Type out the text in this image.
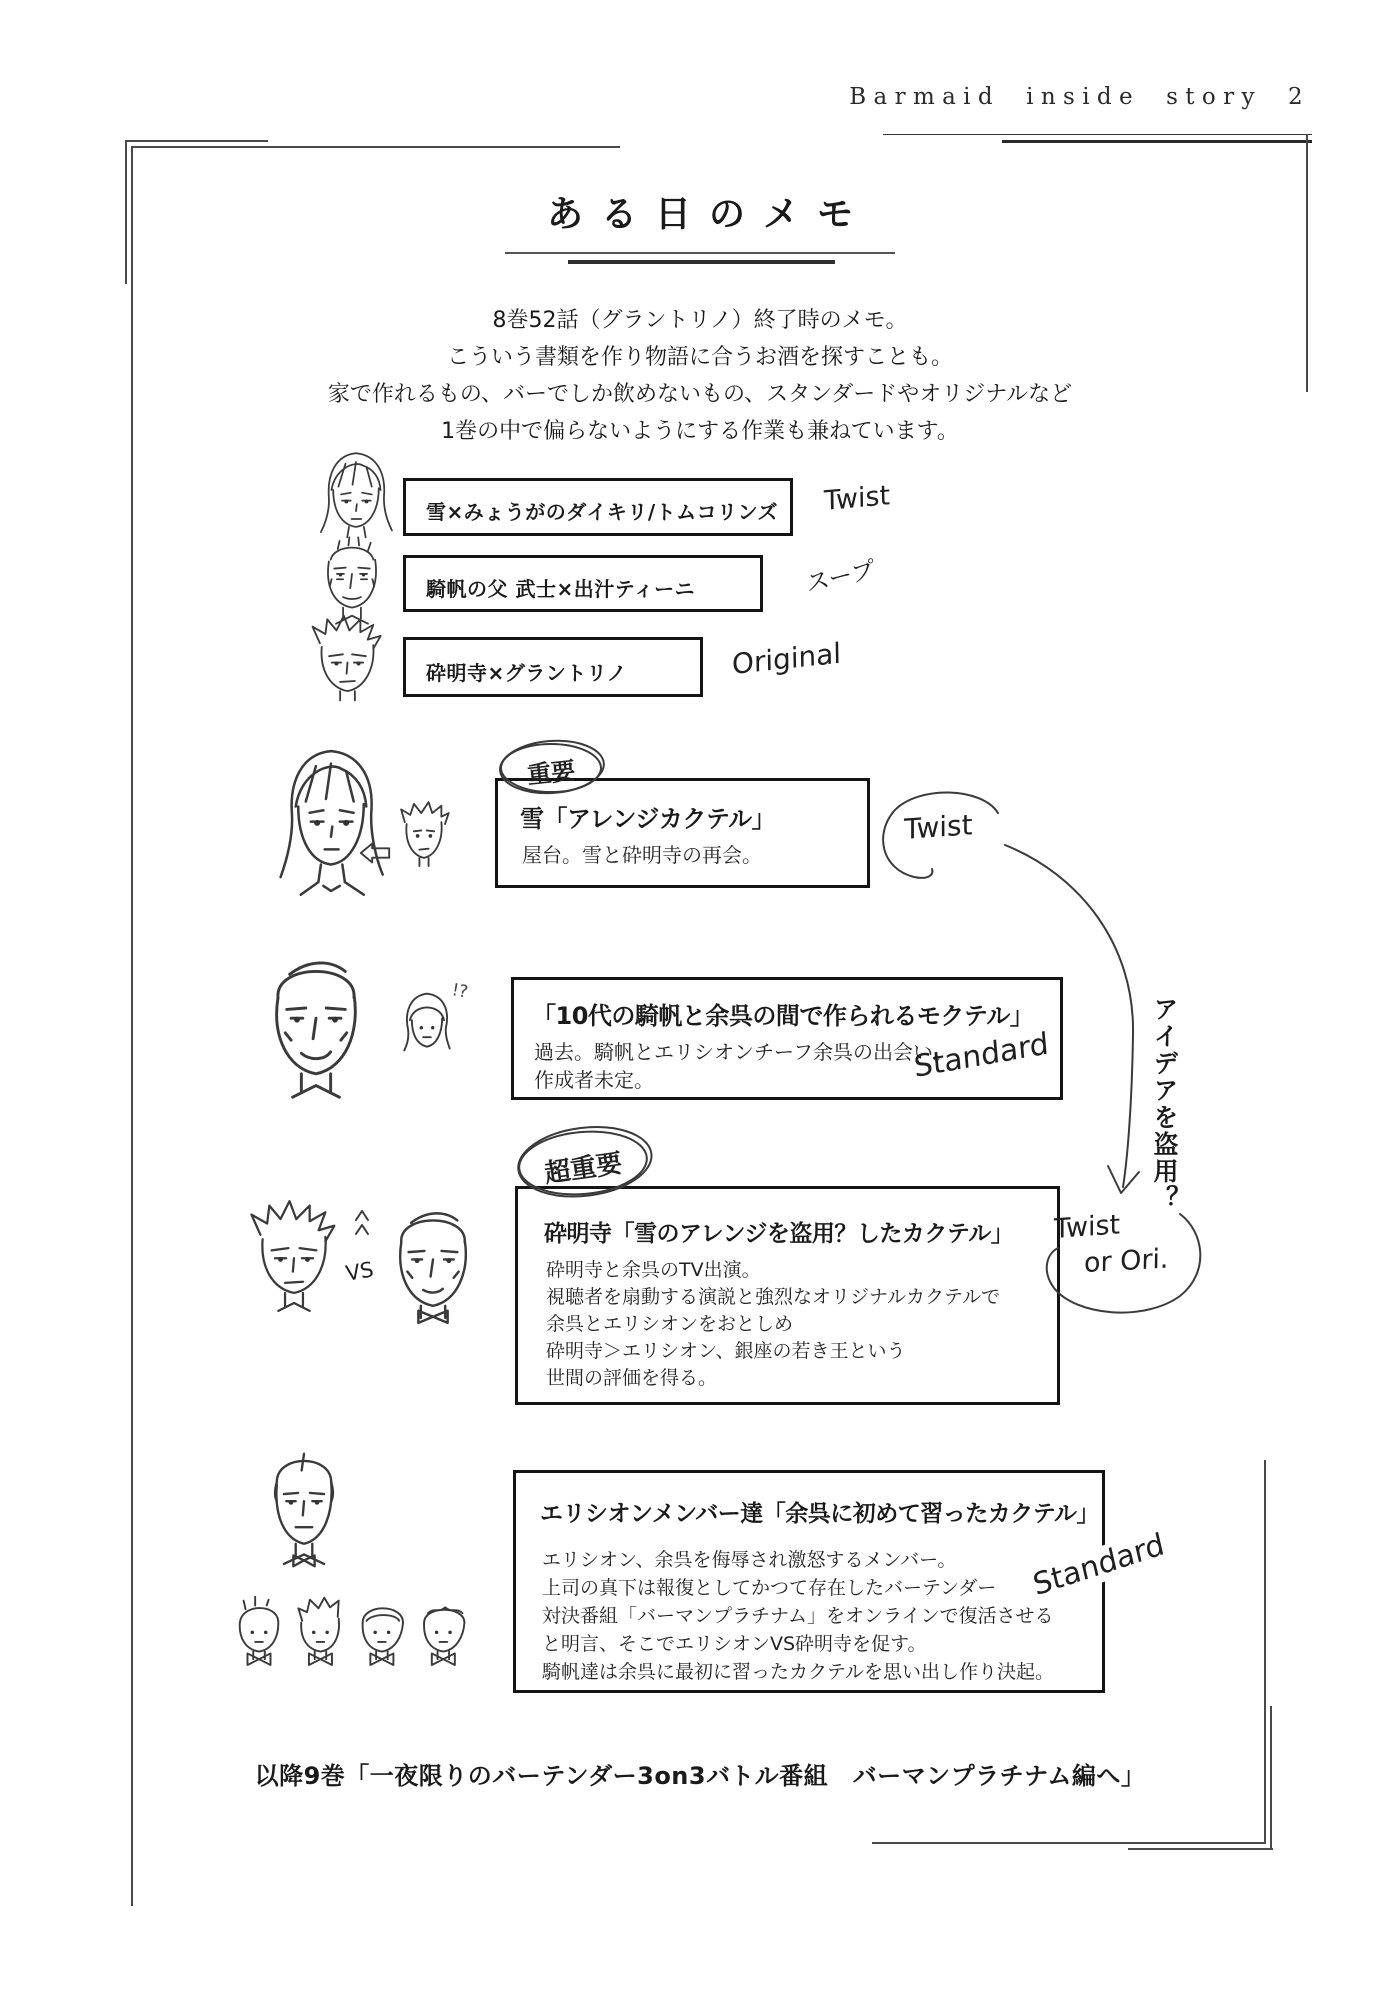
Barmaid inside story 2
ある日のメモ
8巻52話（グラントリノ）終了時のメモ。
こういう書類を作り物語に合うお酒を探すことも。
家で作れるもの、バーでしか飲めないもの、スタンダードやオリジナルなど
1巻の中で偏らないようにする作業も兼ねています。
雪×みょうがのダイキリ/トムコリンズ Twist
騎帆の父 武士×出汁ティーニ	スープ
砕明寺×グラントリノ	Original
雪「アレンジカクテル」
屋台。雪と砕明寺の再会。
重要
Twist
アイデアを盗用？
!?
「10代の騎帆と余呉の間で作られるモクテル」
過去。騎帆とエリシオンチーフ余呉の出会い。
作成者未定。	Standard
VS
砕明寺「雪のアレンジを盗用？したカクテル」
砕明寺と余呉のTV出演。
視聴者を扇動する演説と強烈なオリジナルカクテルで
余呉とエリシオンをおとしめ
砕明寺＞エリシオン、銀座の若き王という
世間の評価を得る。
超重要
Twist
or Ori.
エリシオンメンバー達「余呉に初めて習ったカクテル」
エリシオン、余呉を侮辱され激怒するメンバー。
上司の真下は報復としてかつて存在したバーテンダー
対決番組「バーマンプラチナム」をオンラインで復活させる
と明言、そこでエリシオンVS砕明寺を促す。
騎帆達は余呉に最初に習ったカクテルを思い出し作り決起。
Standard
以降9巻「一夜限りのバーテンダー3on3バトル番組　バーマンプラチナム編へ」
